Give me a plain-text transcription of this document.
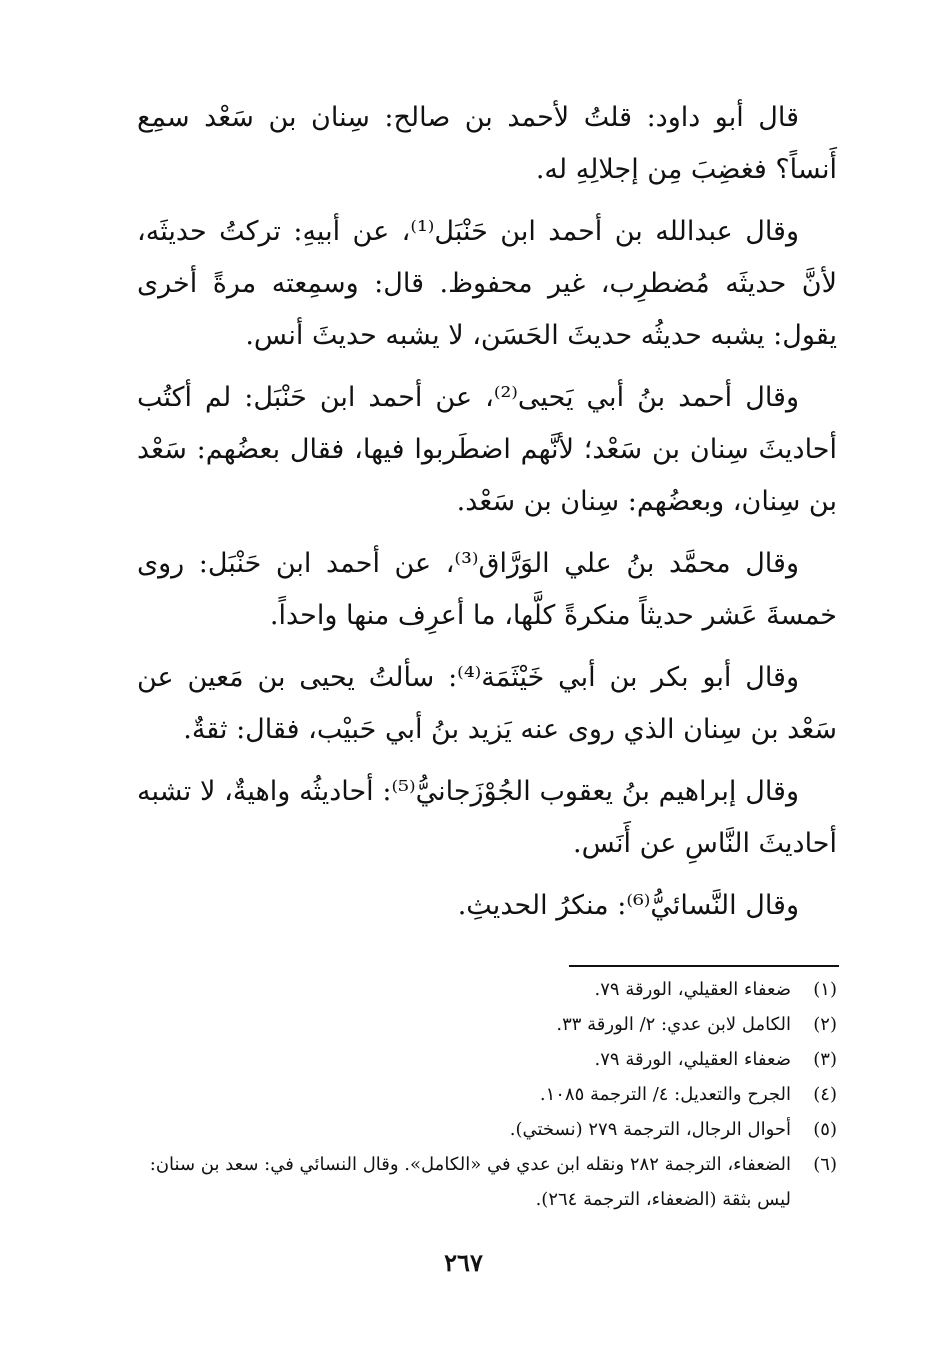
قال أبو داود: قلتُ لأحمد بن صالح: سِنان بن سَعْد سمِع أَنساً؟ فغضِبَ مِن إجلالِهِ له.

وقال عبدالله بن أحمد ابن حَنْبَل⁽¹⁾، عن أبيهِ: تركتُ حديثَه، لأنَّ حديثَه مُضطرِب، غير محفوظ. قال: وسمِعته مرةً أخرى يقول: يشبه حديثُه حديثَ الحَسَن، لا يشبه حديثَ أنس.

وقال أحمد بنُ أبي يَحيى⁽²⁾، عن أحمد ابن حَنْبَل: لم أكتُب أحاديثَ سِنان بن سَعْد؛ لأنَّهم اضطَربوا فيها، فقال بعضُهم: سَعْد بن سِنان، وبعضُهم: سِنان بن سَعْد.

وقال محمَّد بنُ علي الوَرَّاق⁽³⁾، عن أحمد ابن حَنْبَل: روى خمسةَ عَشر حديثاً منكرةً كلَّها، ما أعرِف منها واحداً.

وقال أبو بكر بن أبي خَيْثَمَة⁽⁴⁾: سألتُ يحيى بن مَعين عن سَعْد بن سِنان الذي روى عنه يَزيد بنُ أبي حَبيْب، فقال: ثقةٌ.

وقال إبراهيم بنُ يعقوب الجُوْزَجانيُّ⁽⁵⁾: أحاديثُه واهيةٌ، لا تشبه أحاديثَ النَّاسِ عن أَنَس.

وقال النَّسائيُّ⁽⁶⁾: منكرُ الحديثِ.

(١)
ضعفاء العقيلي، الورقة ٧٩.
(٢)
الكامل لابن عدي: ٢/ الورقة ٣٣.
(٣)
ضعفاء العقيلي، الورقة ٧٩.
(٤)
الجرح والتعديل: ٤/ الترجمة ١٠٨٥.
(٥)
أحوال الرجال، الترجمة ٢٧٩ (نسختي).
(٦)
الضعفاء، الترجمة ٢٨٢ ونقله ابن عدي في «الكامل». وقال النسائي في: سعد بن سنان: ليس بثقة (الضعفاء، الترجمة ٢٦٤).
٢٦٧
